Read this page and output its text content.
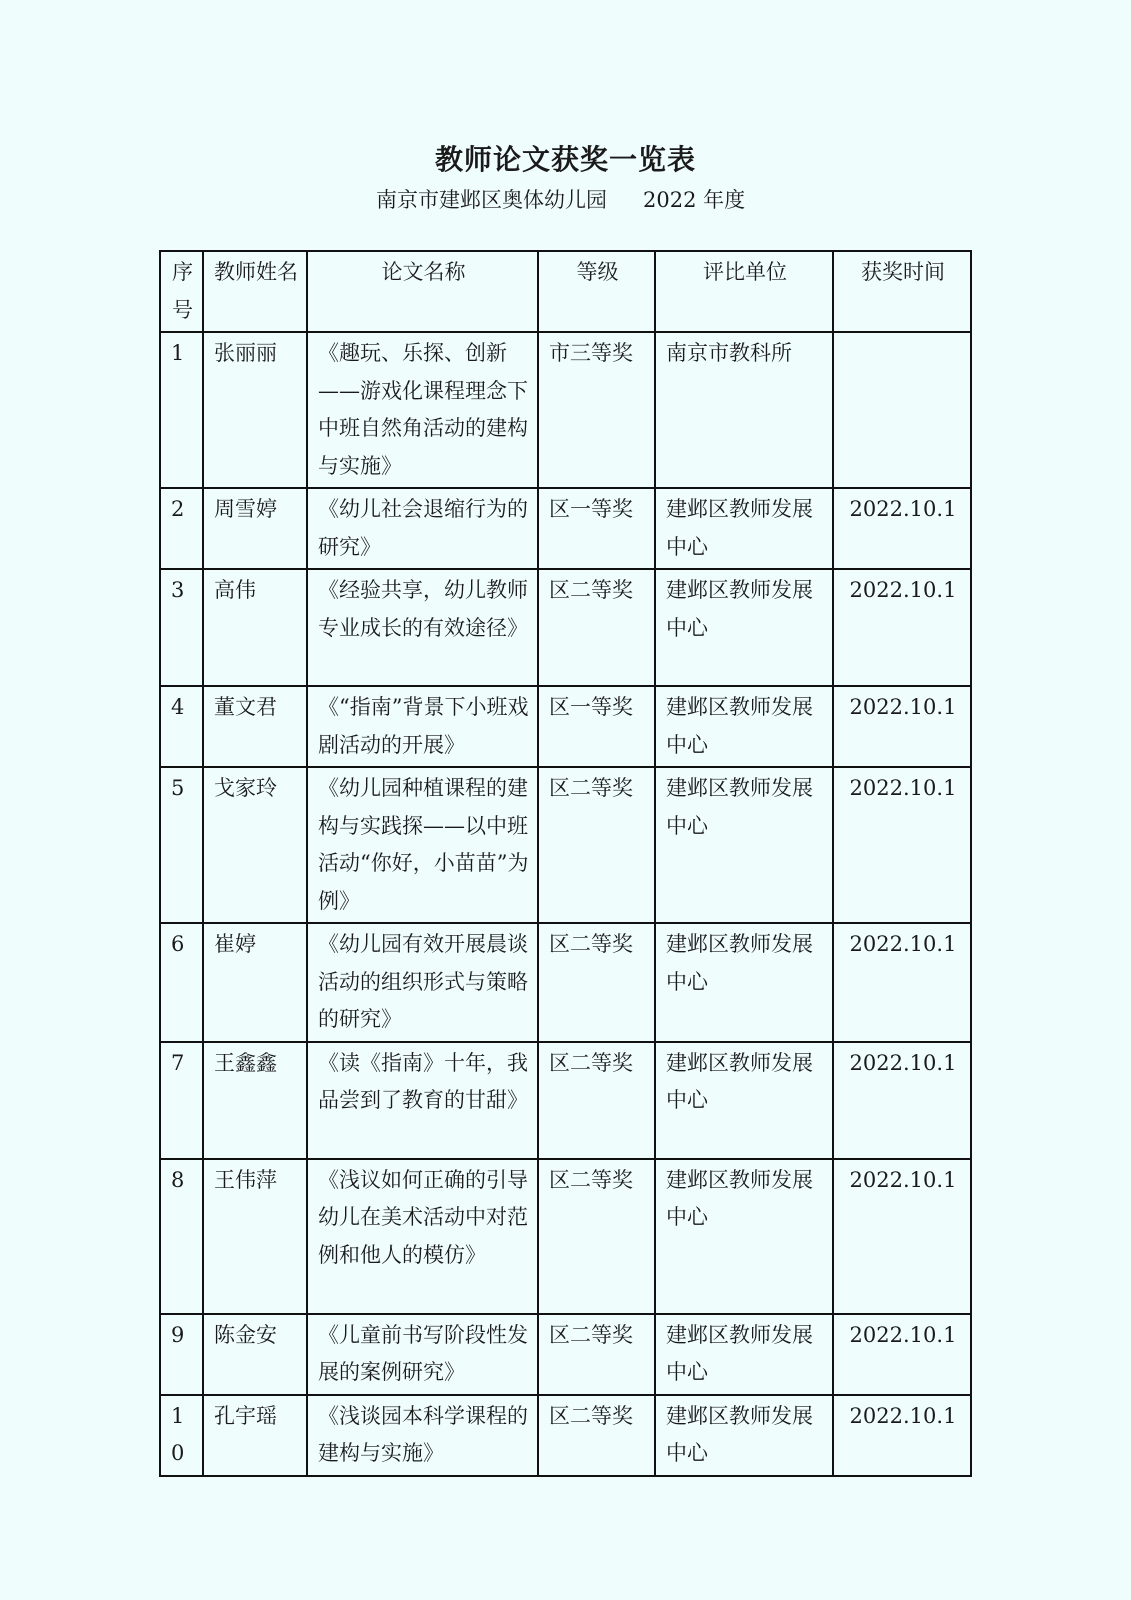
教师论文获奖一览表
南京市建邺区奥体幼儿园 2022 年度
序号	教师姓名	论文名称	等级	评比单位	获奖时间
1	张丽丽	《趣玩、乐探、创新——游戏化课程理念下中班自然角活动的建构与实施》	市三等奖	南京市教科所	
2	周雪婷	《幼儿社会退缩行为的研究》	区一等奖	建邺区教师发展中心	2022.10.1
3	高伟	《经验共享，幼儿教师专业成长的有效途径》	区二等奖	建邺区教师发展中心	2022.10.1
4	董文君	《“指南”背景下小班戏剧活动的开展》	区一等奖	建邺区教师发展中心	2022.10.1
5	戈家玲	《幼儿园种植课程的建构与实践探——以中班活动“你好，小苗苗”为例》	区二等奖	建邺区教师发展中心	2022.10.1
6	崔婷	《幼儿园有效开展晨谈活动的组织形式与策略的研究》	区二等奖	建邺区教师发展中心	2022.10.1
7	王鑫鑫	《读《指南》十年，我品尝到了教育的甘甜》	区二等奖	建邺区教师发展中心	2022.10.1
8	王伟萍	《浅议如何正确的引导幼儿在美术活动中对范例和他人的模仿》	区二等奖	建邺区教师发展中心	2022.10.1
9	陈金安	《儿童前书写阶段性发展的案例研究》	区二等奖	建邺区教师发展中心	2022.10.1
10	孔宇瑶	《浅谈园本科学课程的建构与实施》	区二等奖	建邺区教师发展中心	2022.10.1
